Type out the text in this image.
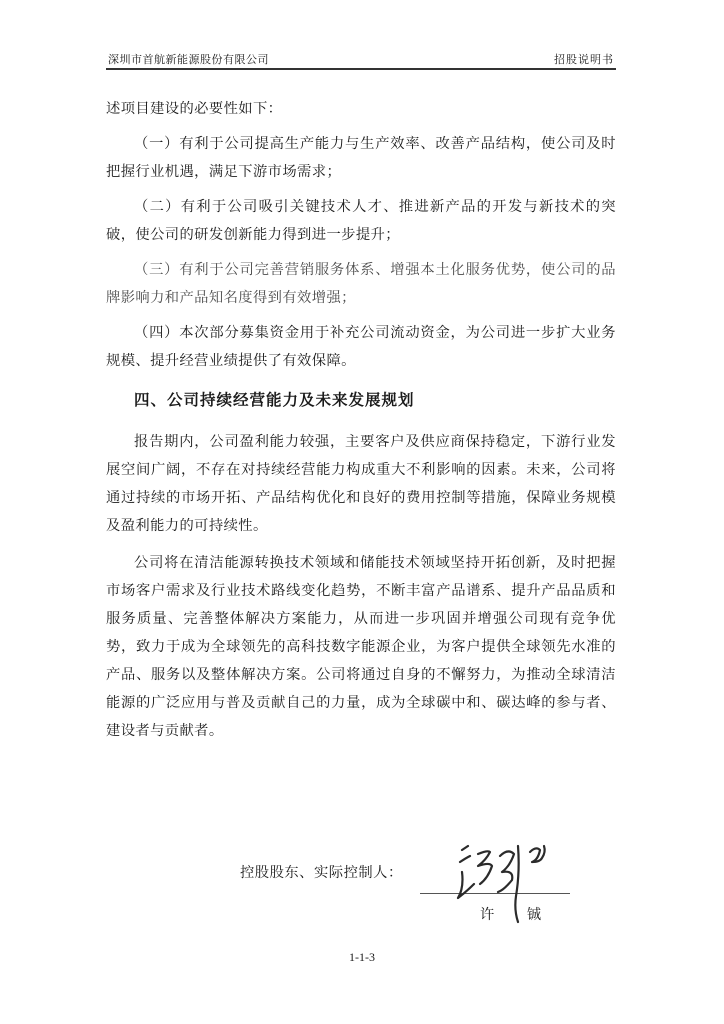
深圳市首航新能源股份有限公司	招股说明书

述项目建设的必要性如下：

（一）有利于公司提高生产能力与生产效率、改善产品结构，使公司及时把握行业机遇，满足下游市场需求；

（二）有利于公司吸引关键技术人才、推进新产品的开发与新技术的突破，使公司的研发创新能力得到进一步提升；

（三）有利于公司完善营销服务体系、增强本土化服务优势，使公司的品牌影响力和产品知名度得到有效增强；

（四）本次部分募集资金用于补充公司流动资金，为公司进一步扩大业务规模、提升经营业绩提供了有效保障。

四、公司持续经营能力及未来发展规划

报告期内，公司盈利能力较强，主要客户及供应商保持稳定，下游行业发展空间广阔，不存在对持续经营能力构成重大不利影响的因素。未来，公司将通过持续的市场开拓、产品结构优化和良好的费用控制等措施，保障业务规模及盈利能力的可持续性。

公司将在清洁能源转换技术领域和储能技术领域坚持开拓创新，及时把握市场客户需求及行业技术路线变化趋势，不断丰富产品谱系、提升产品品质和服务质量、完善整体解决方案能力，从而进一步巩固并增强公司现有竞争优势，致力于成为全球领先的高科技数字能源企业，为客户提供全球领先水准的产品、服务以及整体解决方案。公司将通过自身的不懈努力，为推动全球清洁能源的广泛应用与普及贡献自己的力量，成为全球碳中和、碳达峰的参与者、建设者与贡献者。

控股股东、实际控制人：
许 铖
1-1-3
